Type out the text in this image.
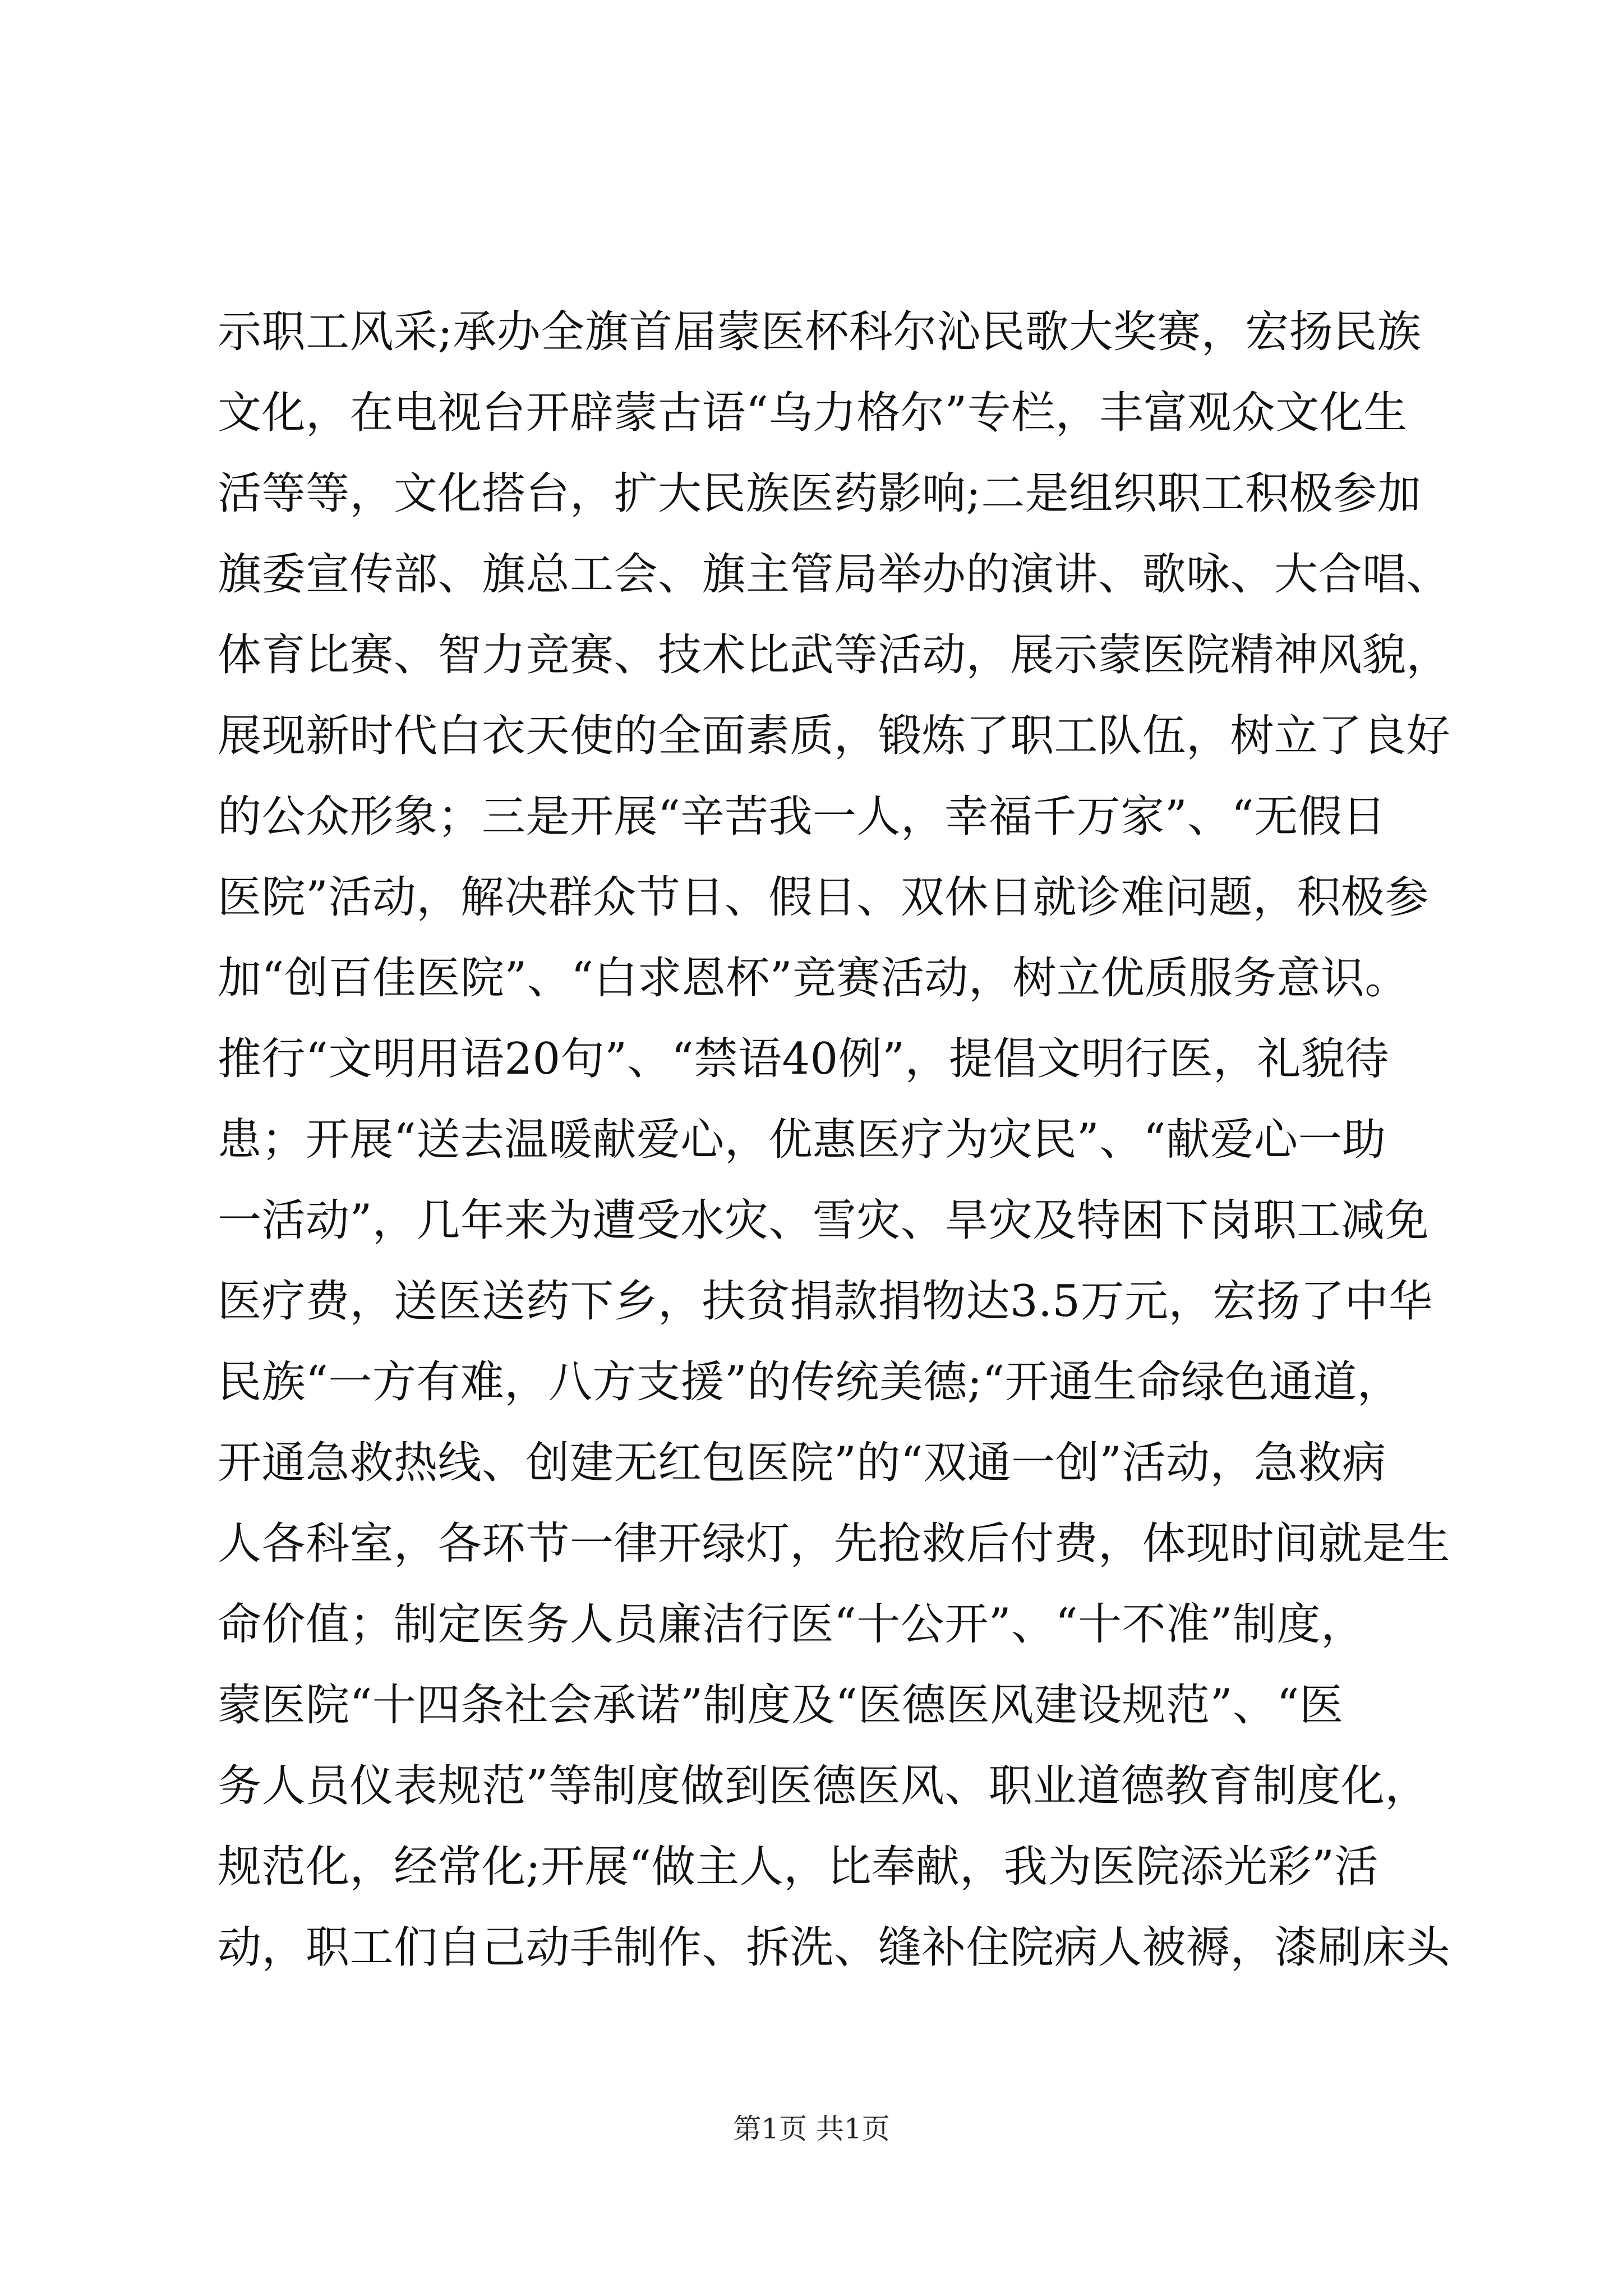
示职工风采;承办全旗首届蒙医杯科尔沁民歌大奖赛，宏扬民族
文化，在电视台开辟蒙古语“乌力格尔”专栏，丰富观众文化生
活等等，文化搭台，扩大民族医药影响;二是组织职工积极参加
旗委宣传部、旗总工会、旗主管局举办的演讲、歌咏、大合唱、
体育比赛、智力竞赛、技术比武等活动，展示蒙医院精神风貌，
展现新时代白衣天使的全面素质，锻炼了职工队伍，树立了良好
的公众形象；三是开展“辛苦我一人，幸福千万家”、“无假日
医院”活动，解决群众节日、假日、双休日就诊难问题，积极参
加“创百佳医院”、“白求恩杯”竞赛活动，树立优质服务意识。
推行“文明用语20句”、“禁语40例”，提倡文明行医，礼貌待
患；开展“送去温暖献爱心，优惠医疗为灾民”、“献爱心一助
一活动”，几年来为遭受水灾、雪灾、旱灾及特困下岗职工减免
医疗费，送医送药下乡，扶贫捐款捐物达3.5万元，宏扬了中华
民族“一方有难，八方支援”的传统美德;“开通生命绿色通道，
开通急救热线、创建无红包医院”的“双通一创”活动，急救病
人各科室，各环节一律开绿灯，先抢救后付费，体现时间就是生
命价值；制定医务人员廉洁行医“十公开”、“十不准”制度，
蒙医院“十四条社会承诺”制度及“医德医风建设规范”、“医
务人员仪表规范”等制度做到医德医风、职业道德教育制度化，
规范化，经常化;开展“做主人，比奉献，我为医院添光彩”活
动，职工们自己动手制作、拆洗、缝补住院病人被褥，漆刷床头
第1页 共1页
